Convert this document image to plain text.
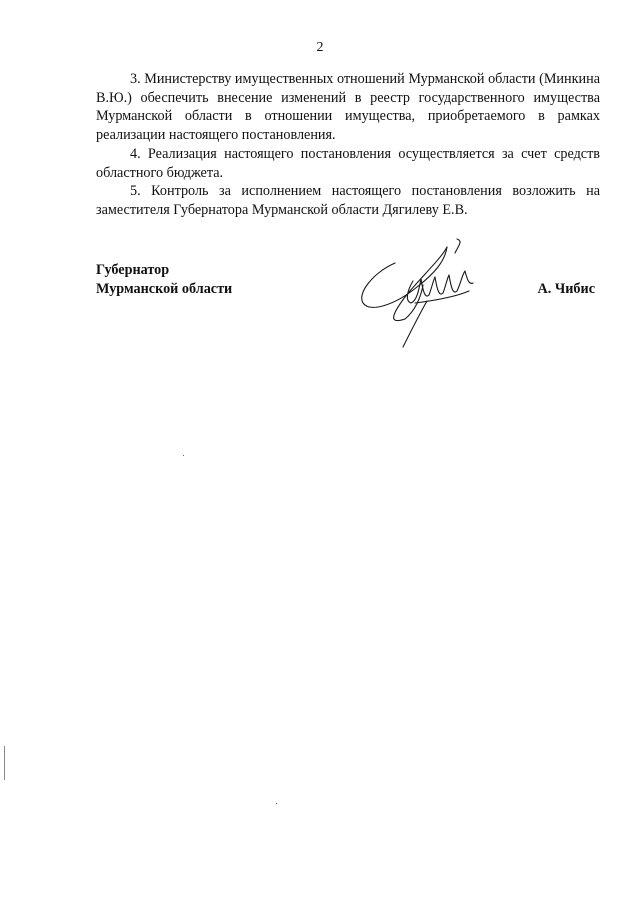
2

3. Министерству имущественных отношений Мурманской области (Минкина В.Ю.) обеспечить внесение изменений в реестр государственного имущества Мурманской области в отношении имущества, приобретаемого в рамках реализации настоящего постановления.

4. Реализация настоящего постановления осуществляется за счет средств областного бюджета.

5. Контроль за исполнением настоящего постановления возложить на заместителя Губернатора Мурманской области Дягилеву Е.В.

Губернатор
Мурманской области	А. Чибис
